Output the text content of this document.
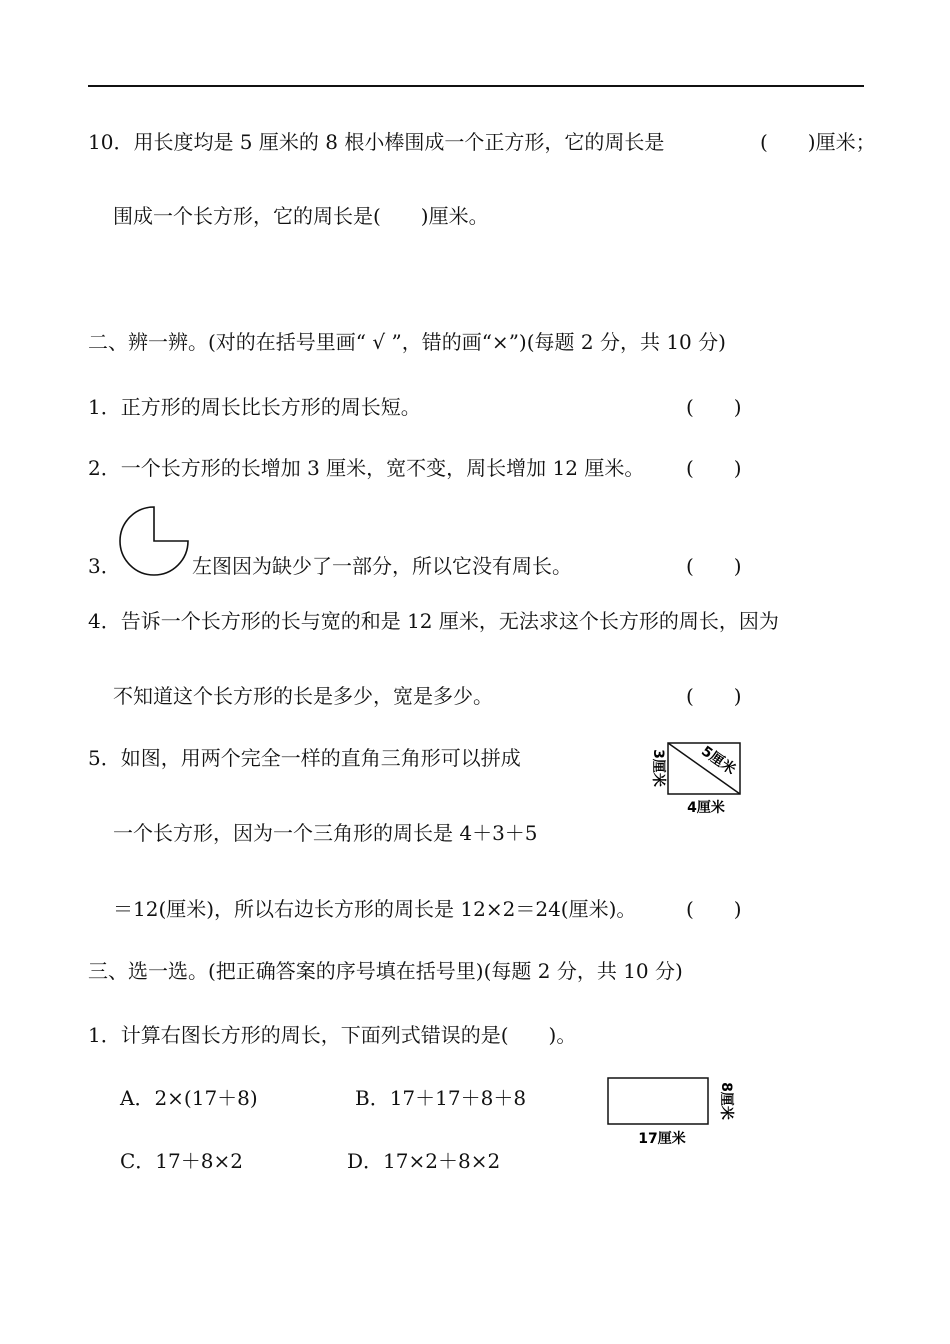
10．用长度均是 5 厘米的 8 根小棒围成一个正方形，它的周长是	(　　)厘米；
围成一个长方形，它的周长是(　　)厘米。
二、辨一辨。(对的在括号里画“ √ ”，错的画“×”)(每题 2 分，共 10 分)
1．正方形的周长比长方形的周长短。	(　　)
2．一个长方形的长增加 3 厘米，宽不变，周长增加 12 厘米。 (　　)
3．	左图因为缺少了一部分，所以它没有周长。	(　　)
4．告诉一个长方形的长与宽的和是 12 厘米，无法求这个长方形的周长，因为
不知道这个长方形的长是多少，宽是多少。	(　　)
5．如图，用两个完全一样的直角三角形可以拼成
一个长方形，因为一个三角形的周长是 4＋3＋5
＝12(厘米)，所以右边长方形的周长是 12×2＝24(厘米)。 (　　)
3厘米 5厘米
4厘米
三、选一选。(把正确答案的序号填在括号里)(每题 2 分，共 10 分)
1．计算右图长方形的周长，下面列式错误的是(　　)。
A．2×(17＋8)	B．17＋17＋8＋8
C．17＋8×2	D．17×2＋8×2
17厘米
8厘米
